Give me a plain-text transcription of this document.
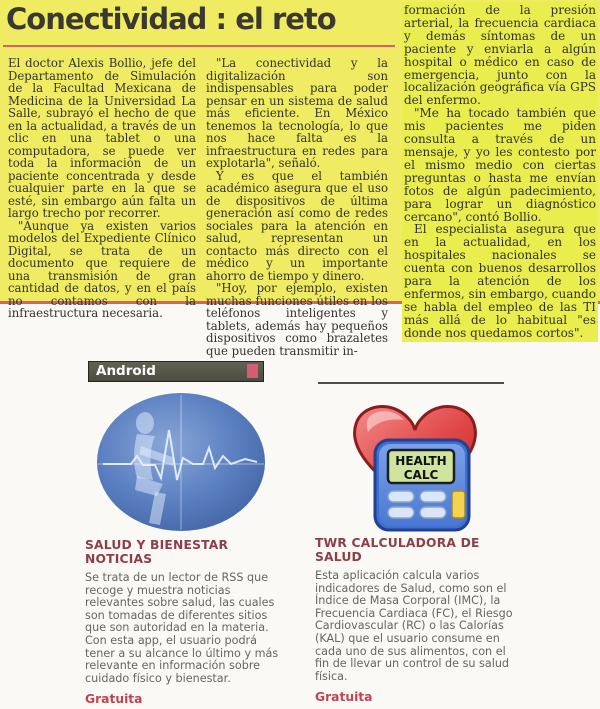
Conectividad : el reto

El doctor Alexis Bollio, jefe del Departamento de Simulación de la Facultad Mexicana de Medicina de la Universidad La Salle, subrayó el hecho de que en la actualidad, a través de un clic en una tablet o una computadora, se puede ver toda la información de un paciente concentrada y desde cualquier parte en la que se esté, sin embargo aún falta un largo trecho por recorrer.

"Aunque ya existen varios modelos del Expediente Clínico Digital, se trata de un documento que requiere de una transmisión de gran cantidad de datos, y en el país no contamos con la infraestructura necesaria.

"La conectividad y la digitalización son indispensables para poder pensar en un sistema de salud más eficiente. En México tenemos la tecnología, lo que nos hace falta es la infraestructura en redes para explotarla", señaló.

Y es que el también académico asegura que el uso de dispositivos de última generación así como de redes sociales para la atención en salud, representan un contacto más directo con el médico y un importante ahorro de tiempo y dinero.

"Hoy, por ejemplo, existen muchas funciones útiles en los teléfonos inteligentes y tablets, además hay pequeños dispositivos como brazaletes que pueden transmitir in-

formación de la presión arterial, la frecuencia cardiaca y demás síntomas de un paciente y enviarla a algún hospital o médico en caso de emergencia, junto con la localización geográfica vía GPS del enfermo.

"Me ha tocado también que mis pacientes me piden consulta a través de un mensaje, y yo les contesto por el mismo medio con ciertas preguntas o hasta me envían fotos de algún padecimiento, para lograr un diagnóstico cercano", contó Bollio.

El especialista asegura que en la actualidad, en los hospitales nacionales se cuenta con buenos desarrollos para la atención de los enfermos, sin embargo, cuando se habla del empleo de las TI más allá de lo habitual "es donde nos quedamos cortos".

Android
HEALTH
CALC
SALUD Y BIENESTAR NOTICIAS

Se trata de un lector de RSS que recoge y muestra noticias relevantes sobre salud, las cuales son tomadas de diferentes sitios que son autoridad en la materia. Con esta app, el usuario podrá tener a su alcance lo último y más relevante en información sobre cuidado físico y bienestar.

Gratuita

TWR CALCULADORA DE SALUD

Esta aplicación calcula varios indicadores de Salud, como son el Índice de Masa Corporal (IMC), la Frecuencia Cardiaca (FC), el Riesgo Cardiovascular (RC) o las Calorías (KAL) que el usuario consume en cada uno de sus alimentos, con el fin de llevar un control de su salud física.

Gratuita
